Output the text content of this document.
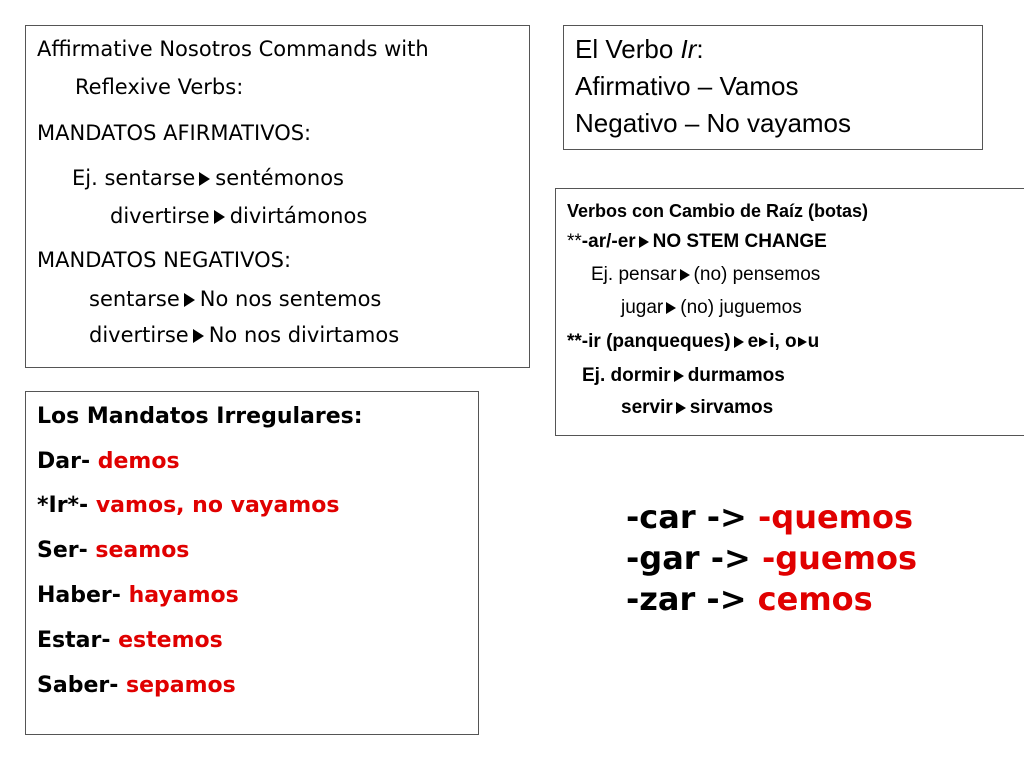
Affirmative Nosotros Commands with
Reflexive Verbs:
MANDATOS AFIRMATIVOS:
Ej. sentarse sentémonos
divertirse divirtámonos
MANDATOS NEGATIVOS:
sentarse No nos sentemos
divertirse No nos divirtamos
El Verbo Ir:
Afirmativo – Vamos
Negativo – No vayamos
Verbos con Cambio de Raíz (botas)
**-ar/-er NO STEM CHANGE
Ej. pensar (no) pensemos
jugar (no) juguemos
**-ir (panqueques) e i, o u
Ej. dormir durmamos
servir sirvamos
Los Mandatos Irregulares:
Dar- demos
*Ir*- vamos, no vayamos
Ser- seamos
Haber- hayamos
Estar- estemos
Saber- sepamos
-car -> -quemos
-gar -> -guemos
-zar -> cemos
